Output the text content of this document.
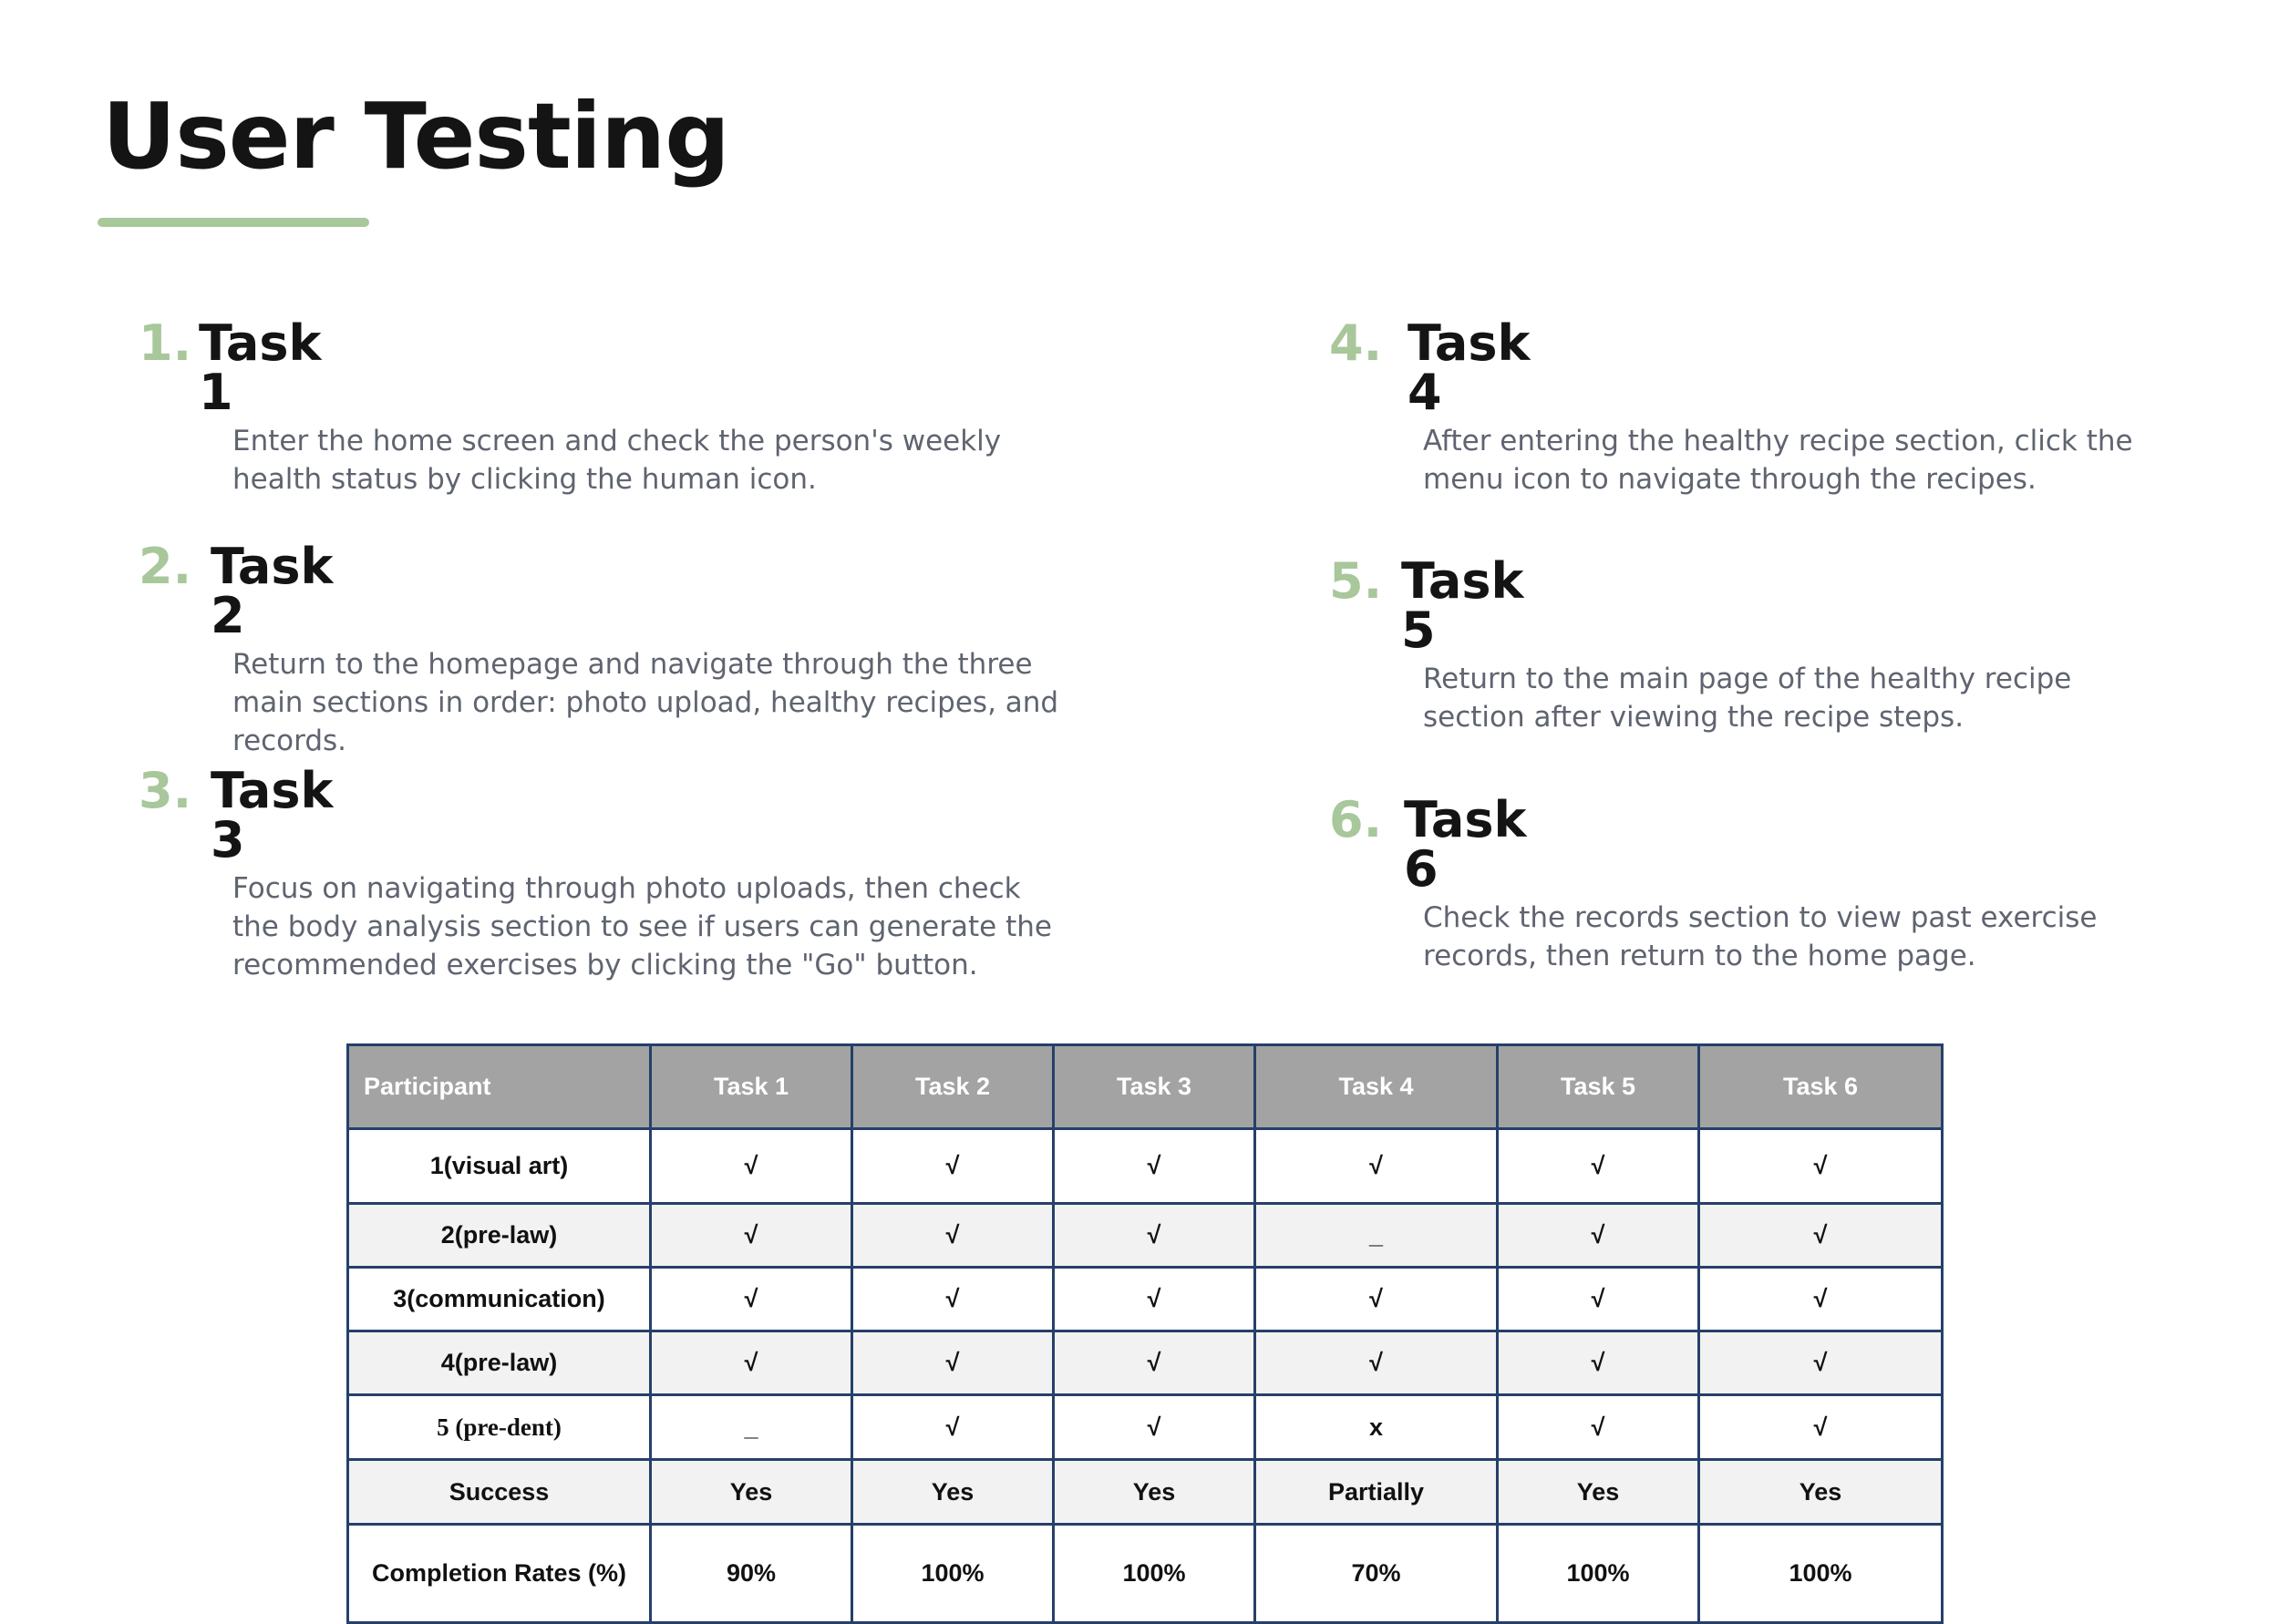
User Testing
1. Task 1
Enter the home screen and check the person's weekly
health status by clicking the human icon.
2. Task 2
Return to the homepage and navigate through the three
main sections in order: photo upload, healthy recipes, and
records.
3. Task 3
Focus on navigating through photo uploads, then check
the body analysis section to see if users can generate the
recommended exercises by clicking the "Go" button.
4. Task 4
After entering the healthy recipe section, click the
menu icon to navigate through the recipes.
5. Task 5
Return to the main page of the healthy recipe
section after viewing the recipe steps.
6. Task 6
Check the records section to view past exercise
records, then return to the home page.
Participant	Task 1	Task 2	Task 3	Task 4	Task 5	Task 6
1(visual art)	√	√	√	√	√	√
2(pre-law)	√	√	√	_	√	√
3(communication)	√	√	√	√	√	√
4(pre-law)	√	√	√	√	√	√
5 (pre-dent)	_	√	√	x	√	√
Success	Yes	Yes	Yes	Partially	Yes	Yes
Completion Rates (%)	90%	100%	100%	70%	100%	100%
